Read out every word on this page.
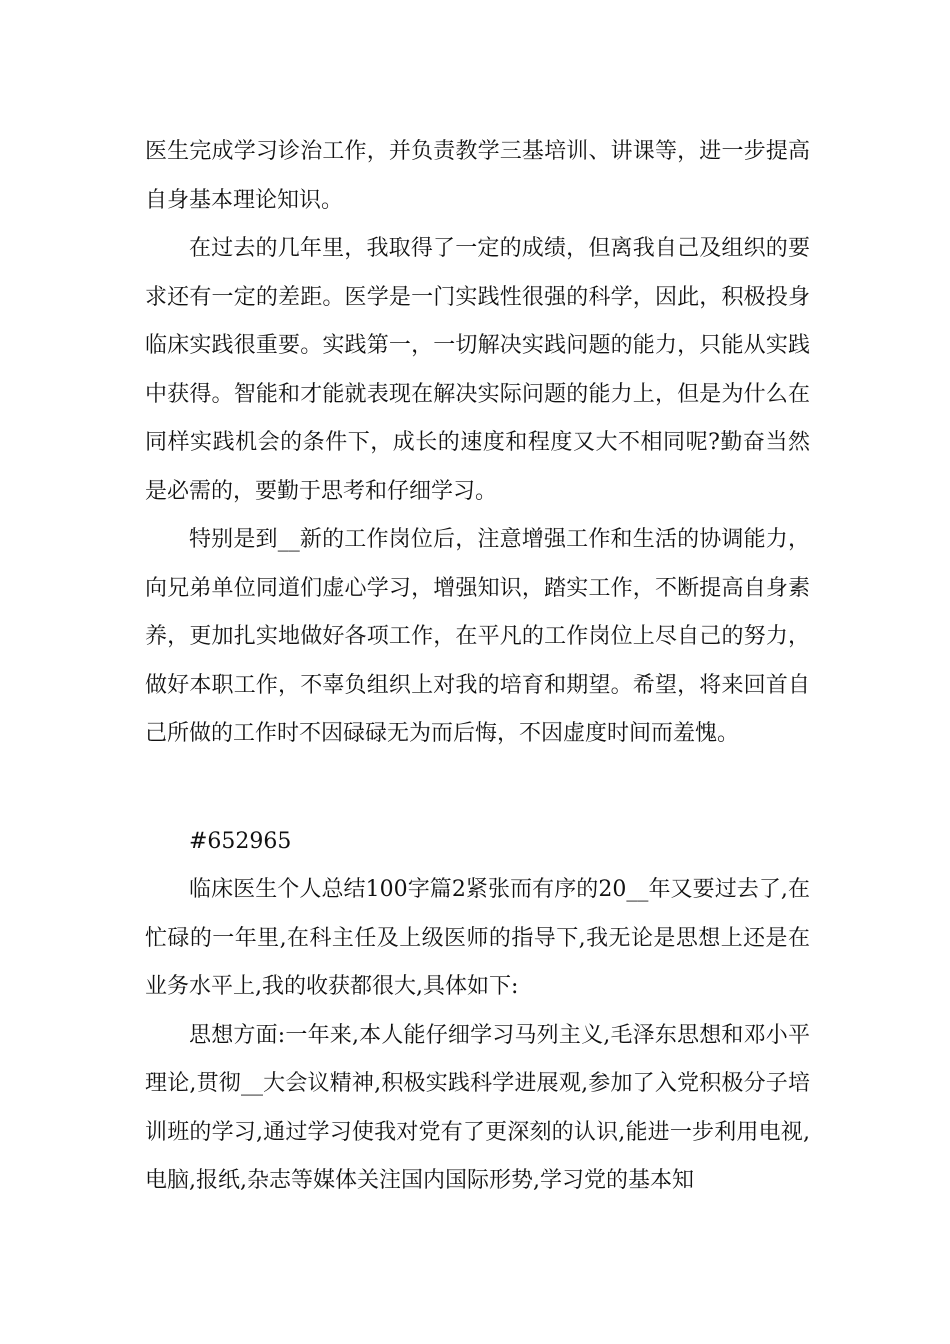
医生完成学习诊治工作，并负责教学三基培训、讲课等，进一步提高自身基本理论知识。

在过去的几年里，我取得了一定的成绩，但离我自己及组织的要求还有一定的差距。医学是一门实践性很强的科学，因此，积极投身临床实践很重要。实践第一，一切解决实践问题的能力，只能从实践中获得。智能和才能就表现在解决实际问题的能力上，但是为什么在同样实践机会的条件下，成长的速度和程度又大不相同呢?勤奋当然是必需的，要勤于思考和仔细学习。

特别是到__新的工作岗位后，注意增强工作和生活的协调能力，向兄弟单位同道们虚心学习，增强知识，踏实工作，不断提高自身素养，更加扎实地做好各项工作，在平凡的工作岗位上尽自己的努力，做好本职工作，不辜负组织上对我的培育和期望。希望，将来回首自己所做的工作时不因碌碌无为而后悔，不因虚度时间而羞愧。

#652965

临床医生个人总结100字篇2紧张而有序的20__年又要过去了,在忙碌的一年里,在科主任及上级医师的指导下,我无论是思想上还是在业务水平上,我的收获都很大,具体如下:

思想方面:一年来,本人能仔细学习马列主义,毛泽东思想和邓小平理论,贯彻__大会议精神,积极实践科学进展观,参加了入党积极分子培训班的学习,通过学习使我对党有了更深刻的认识,能进一步利用电视,电脑,报纸,杂志等媒体关注国内国际形势,学习党的基本知
